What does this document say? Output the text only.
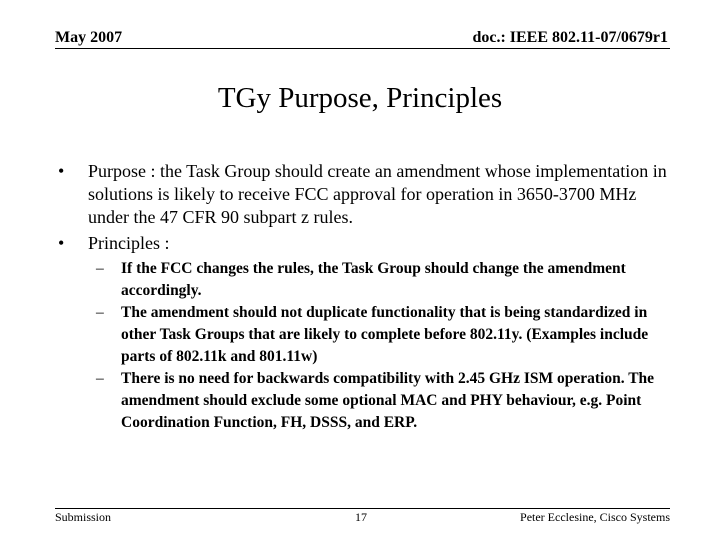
May 2007	doc.: IEEE 802.11-07/0679r1
TGy Purpose, Principles
• Purpose : the Task Group should create an amendment whose implementation in solutions is likely to receive FCC approval for operation in 3650-3700 MHz under the 47 CFR 90 subpart z rules.
• Principles :
– If the FCC changes the rules, the Task Group should change the amendment accordingly.
– The amendment should not duplicate functionality that is being standardized in other Task Groups that are likely to complete before 802.11y. (Examples include parts of 802.11k and 801.11w)
– There is no need for backwards compatibility with 2.45 GHz ISM operation. The amendment should exclude some optional MAC and PHY behaviour, e.g. Point Coordination Function, FH, DSSS, and ERP.
Submission	17	Peter Ecclesine, Cisco Systems
